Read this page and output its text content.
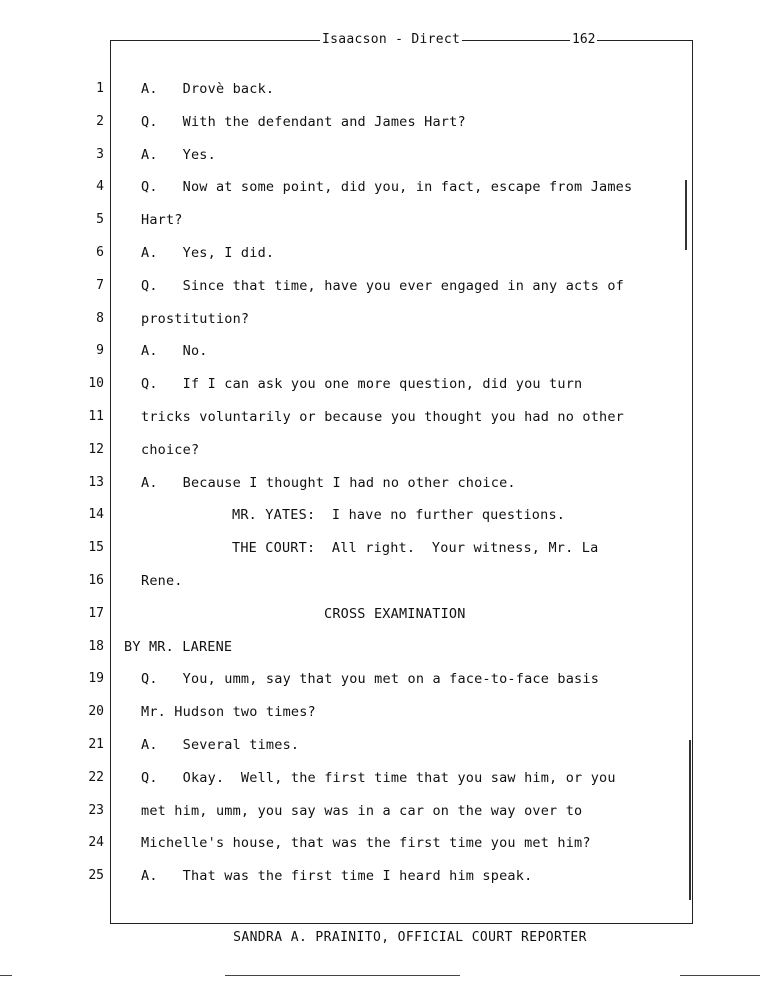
Isaacson - Direct	162
1	A.   Drovè back.
2	Q.   With the defendant and James Hart?
3	A.   Yes.
4	Q.   Now at some point, did you, in fact, escape from James
5	Hart?
6	A.   Yes, I did.
7	Q.   Since that time, have you ever engaged in any acts of
8	prostitution?
9	A.   No.
10	Q.   If I can ask you one more question, did you turn
11	tricks voluntarily or because you thought you had no other
12	choice?
13	A.   Because I thought I had no other choice.
14	MR. YATES:  I have no further questions.
15	THE COURT:  All right.  Your witness, Mr. La
16	Rene.
17	CROSS EXAMINATION
18 BY MR. LARENE
19	Q.   You, umm, say that you met on a face-to-face basis
20	Mr. Hudson two times?
21	A.   Several times.
22	Q.   Okay.  Well, the first time that you saw him, or you
23	met him, umm, you say was in a car on the way over to
24	Michelle's house, that was the first time you met him?
25	A.   That was the first time I heard him speak.
SANDRA A. PRAINITO, OFFICIAL COURT REPORTER
